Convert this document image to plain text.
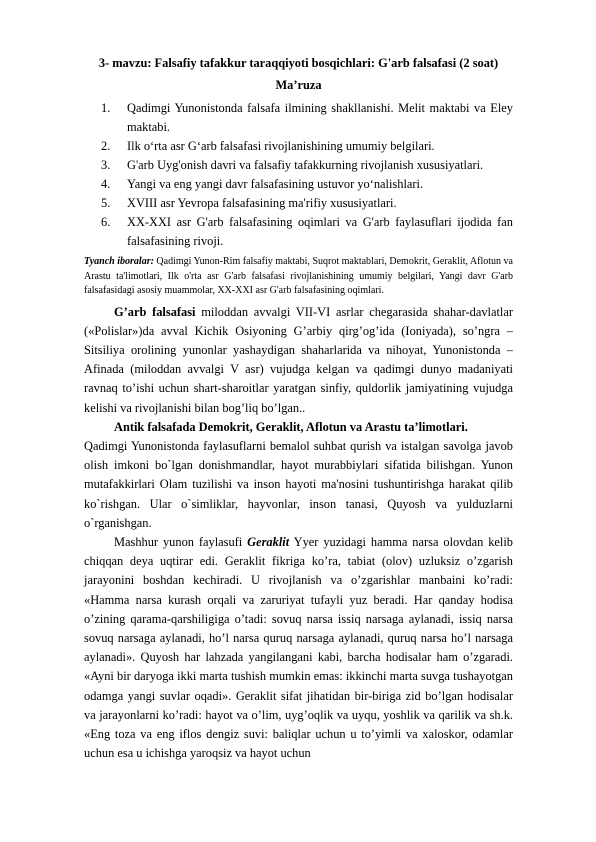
3- mavzu: Falsafiy tafakkur taraqqiyoti bosqichlari: G'arb falsafasi (2 soat)

Ma’ruza

1. Qadimgi Yunonistonda falsafa ilmining shakllanishi. Melit maktabi va Eley maktabi.
2. Ilk o‘rta asr G‘arb falsafasi rivojlanishining umumiy belgilari.
3. G'arb Uyg'onish davri va falsafiy tafakkurning rivojlanish xususiyatlari.
4. Yangi va eng yangi davr falsafasining ustuvor yo‘nalishlari.
5. XVIII asr Yevropa falsafasining ma'rifiy xususiyatlari.
6. XX-XXI asr G'arb falsafasining oqimlari va G'arb faylasuflari ijodida fan falsafasining rivoji.

Tyanch iboralar: Qadimgi Yunon-Rim falsafiy maktabi, Suqrot maktablari, Demokrit, Geraklit, Aflotun va Arastu ta'limotlari, Ilk o'rta asr G'arb falsafasi rivojlanishining umumiy belgilari, Yangi davr G'arb falsafasidagi asosiy muammolar, XX-XXI asr G'arb falsafasining oqimlari.

G’arb falsafasi miloddan avvalgi VII-VI asrlar chegarasida shahar-davlatlar («Polislar»)da avval Kichik Osiyoning G’arbiy qirg’og’ida (Ioniyada), so’ngra – Sitsiliya orolining yunonlar yashaydigan shaharlarida va nihoyat, Yunonistonda – Afinada (miloddan avvalgi V asr) vujudga kelgan va qadimgi dunyo madaniyati ravnaq to’ishi uchun shart-sharoitlar yaratgan sinfiy, quldorlik jamiyatining vujudga kelishi va rivojlanishi bilan bog’liq bo’lgan..

Antik falsafada Demokrit, Geraklit, Aflotun va Arastu ta’limotlari.

Qadimgi Yunonistonda faylasuflarni bemalol suhbat qurish va istalgan savolga javob olish imkoni bo`lgan donishmandlar, hayot murabbiylari sifatida bilishgan. Yunon mutafakkirlari Olam tuzilishi va inson hayoti ma'nosini tushuntirishga harakat qilib ko`rishgan. Ular o`simliklar, hayvonlar, inson tanasi, Quyosh va yulduzlarni o`rganishgan.

Mashhur yunon faylasufi Geraklit Yyer yuzidagi hamma narsa olovdan kelib chiqqan deya uqtirar edi. Geraklit fikriga ko’ra, tabiat (olov) uzluksiz o’zgarish jarayonini boshdan kechiradi. U rivojlanish va o’zgarishlar manbaini ko’radi: «Hamma narsa kurash orqali va zaruriyat tufayli yuz beradi. Har qanday hodisa o’zining qarama-qarshiligiga o’tadi: sovuq narsa issiq narsaga aylanadi, issiq narsa sovuq narsaga aylanadi, ho’l narsa quruq narsaga aylanadi, quruq narsa ho’l narsaga aylanadi». Quyosh har lahzada yangilangani kabi, barcha hodisalar ham o’zgaradi. «Ayni bir daryoga ikki marta tushish mumkin emas: ikkinchi marta suvga tushayotgan odamga yangi suvlar oqadi». Geraklit sifat jihatidan bir-biriga zid bo’lgan hodisalar va jarayonlarni ko’radi: hayot va o’lim, uyg’oqlik va uyqu, yoshlik va qarilik va sh.k. «Eng toza va eng iflos dengiz suvi: baliqlar uchun u to’yimli va xaloskor, odamlar uchun esa u ichishga yaroqsiz va hayot uchun
